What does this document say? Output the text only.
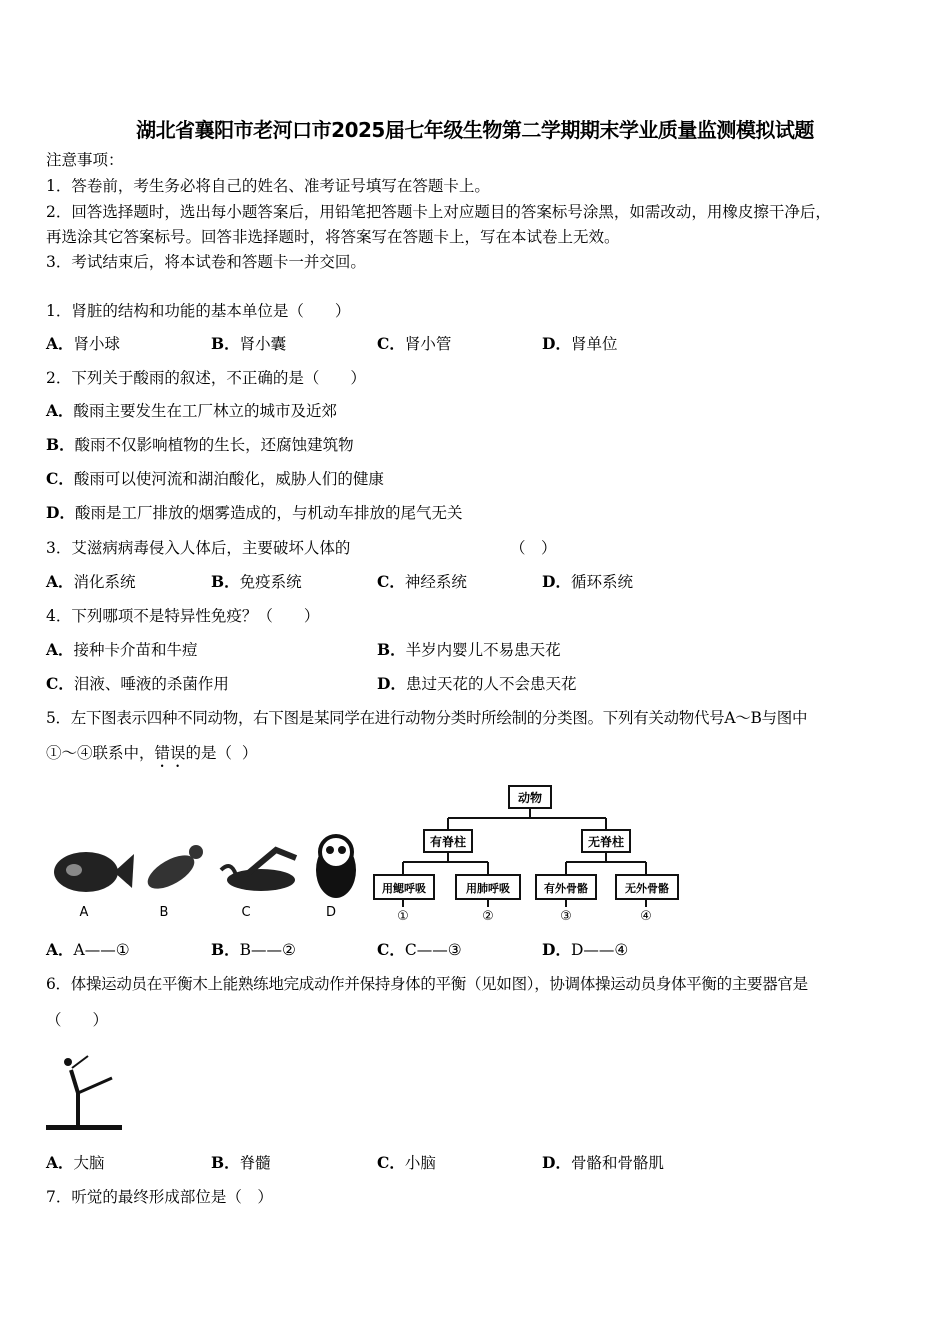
湖北省襄阳市老河口市2025届七年级生物第二学期期末学业质量监测模拟试题
注意事项：
1．答卷前，考生务必将自己的姓名、准考证号填写在答题卡上。
2．回答选择题时，选出每小题答案后，用铅笔把答题卡上对应题目的答案标号涂黑，如需改动，用橡皮擦干净后，
再选涂其它答案标号。回答非选择题时，将答案写在答题卡上，写在本试卷上无效。
3．考试结束后，将本试卷和答题卡一并交回。
1．肾脏的结构和功能的基本单位是（　　）
A．肾小球	B．肾小囊	C．肾小管	D．肾单位
2．下列关于酸雨的叙述，不正确的是（　　）
A．酸雨主要发生在工厂林立的城市及近郊
B．酸雨不仅影响植物的生长，还腐蚀建筑物
C．酸雨可以使河流和湖泊酸化，威胁人们的健康
D．酸雨是工厂排放的烟雾造成的，与机动车排放的尾气无关
3．艾滋病病毒侵入人体后，主要破坏人体的	（　）
A．消化系统	B．免疫系统	C．神经系统	D．循环系统
4．下列哪项不是特异性免疫？（　　）
A．接种卡介苗和牛痘	B．半岁内婴儿不易患天花
C．泪液、唾液的杀菌作用	D．患过天花的人不会患天花
5．左下图表示四种不同动物，右下图是某同学在进行动物分类时所绘制的分类图。下列有关动物代号A～B与图中
①～④联系中，错误的是（ ）
A	B	C	D
动物
有脊柱	无脊柱
用鳃呼吸	用肺呼吸	有外骨骼	无外骨骼
①	②	③	④
A．A——①	B．B——②	C．C——③	D．D——④
6．体操运动员在平衡木上能熟练地完成动作并保持身体的平衡（见如图），协调体操运动员身体平衡的主要器官是
（　　）
A．大脑	B．脊髓	C．小脑	D．骨骼和骨骼肌
7．听觉的最终形成部位是（　）
